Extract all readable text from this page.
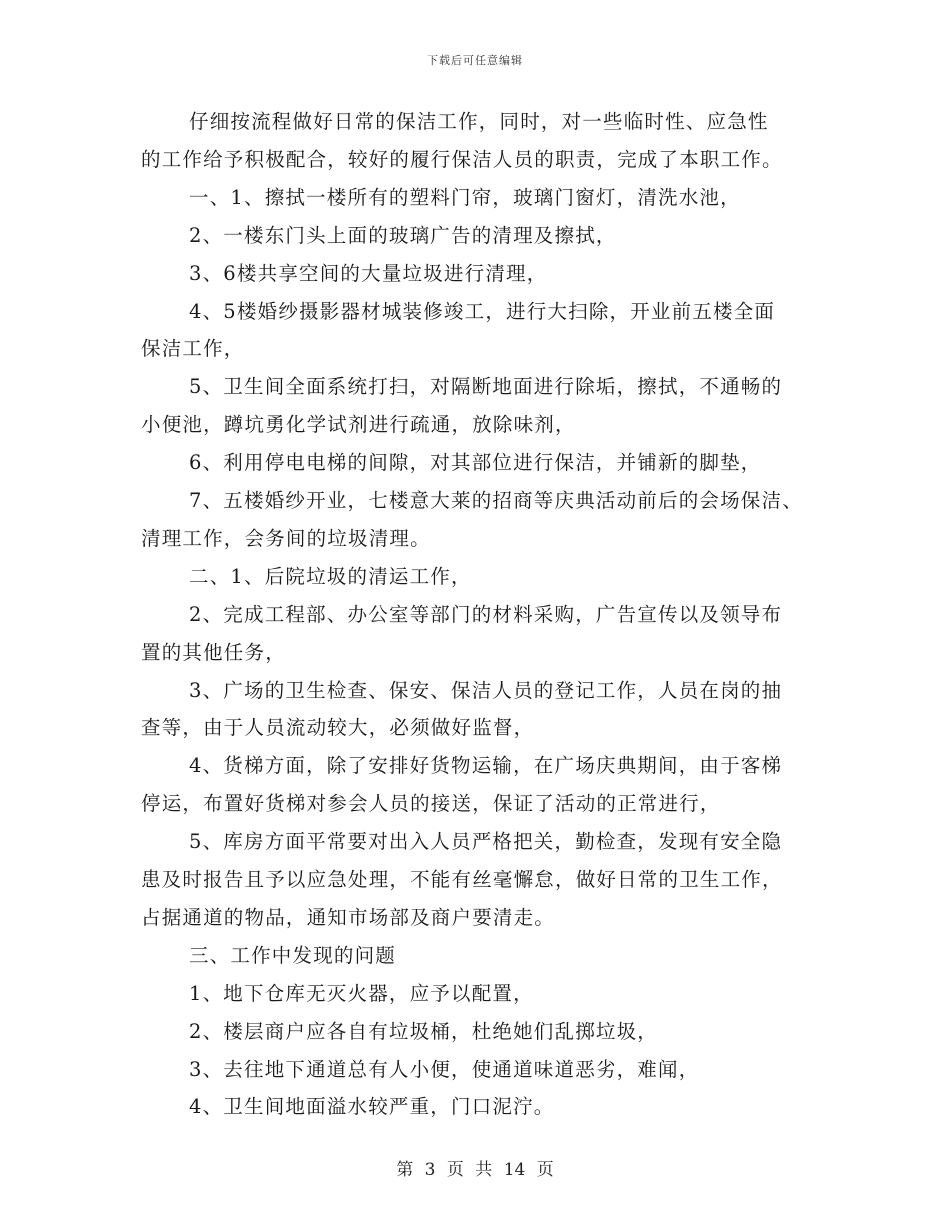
下载后可任意编辑
仔细按流程做好日常的保洁工作，同时，对一些临时性、应急性
的工作给予积极配合，较好的履行保洁人员的职责，完成了本职工作。
一、1、擦拭一楼所有的塑料门帘，玻璃门窗灯，清洗水池，
2、一楼东门头上面的玻璃广告的清理及擦拭，
3、6楼共享空间的大量垃圾进行清理，
4、5楼婚纱摄影器材城装修竣工，进行大扫除，开业前五楼全面
保洁工作，
5、卫生间全面系统打扫，对隔断地面进行除垢，擦拭，不通畅的
小便池，蹲坑勇化学试剂进行疏通，放除味剂，
6、利用停电电梯的间隙，对其部位进行保洁，并铺新的脚垫，
7、五楼婚纱开业，七楼意大莱的招商等庆典活动前后的会场保洁、
清理工作，会务间的垃圾清理。
二、1、后院垃圾的清运工作，
2、完成工程部、办公室等部门的材料采购，广告宣传以及领导布
置的其他任务，
3、广场的卫生检查、保安、保洁人员的登记工作，人员在岗的抽
查等，由于人员流动较大，必须做好监督，
4、货梯方面，除了安排好货物运输，在广场庆典期间，由于客梯
停运，布置好货梯对参会人员的接送，保证了活动的正常进行，
5、库房方面平常要对出入人员严格把关，勤检查，发现有安全隐
患及时报告且予以应急处理，不能有丝毫懈怠，做好日常的卫生工作，
占据通道的物品，通知市场部及商户要清走。
三、工作中发现的问题
1、地下仓库无灭火器，应予以配置，
2、楼层商户应各自有垃圾桶，杜绝她们乱掷垃圾，
3、去往地下通道总有人小便，使通道味道恶劣，难闻，
4、卫生间地面溢水较严重，门口泥泞。
第 3 页 共 14 页
